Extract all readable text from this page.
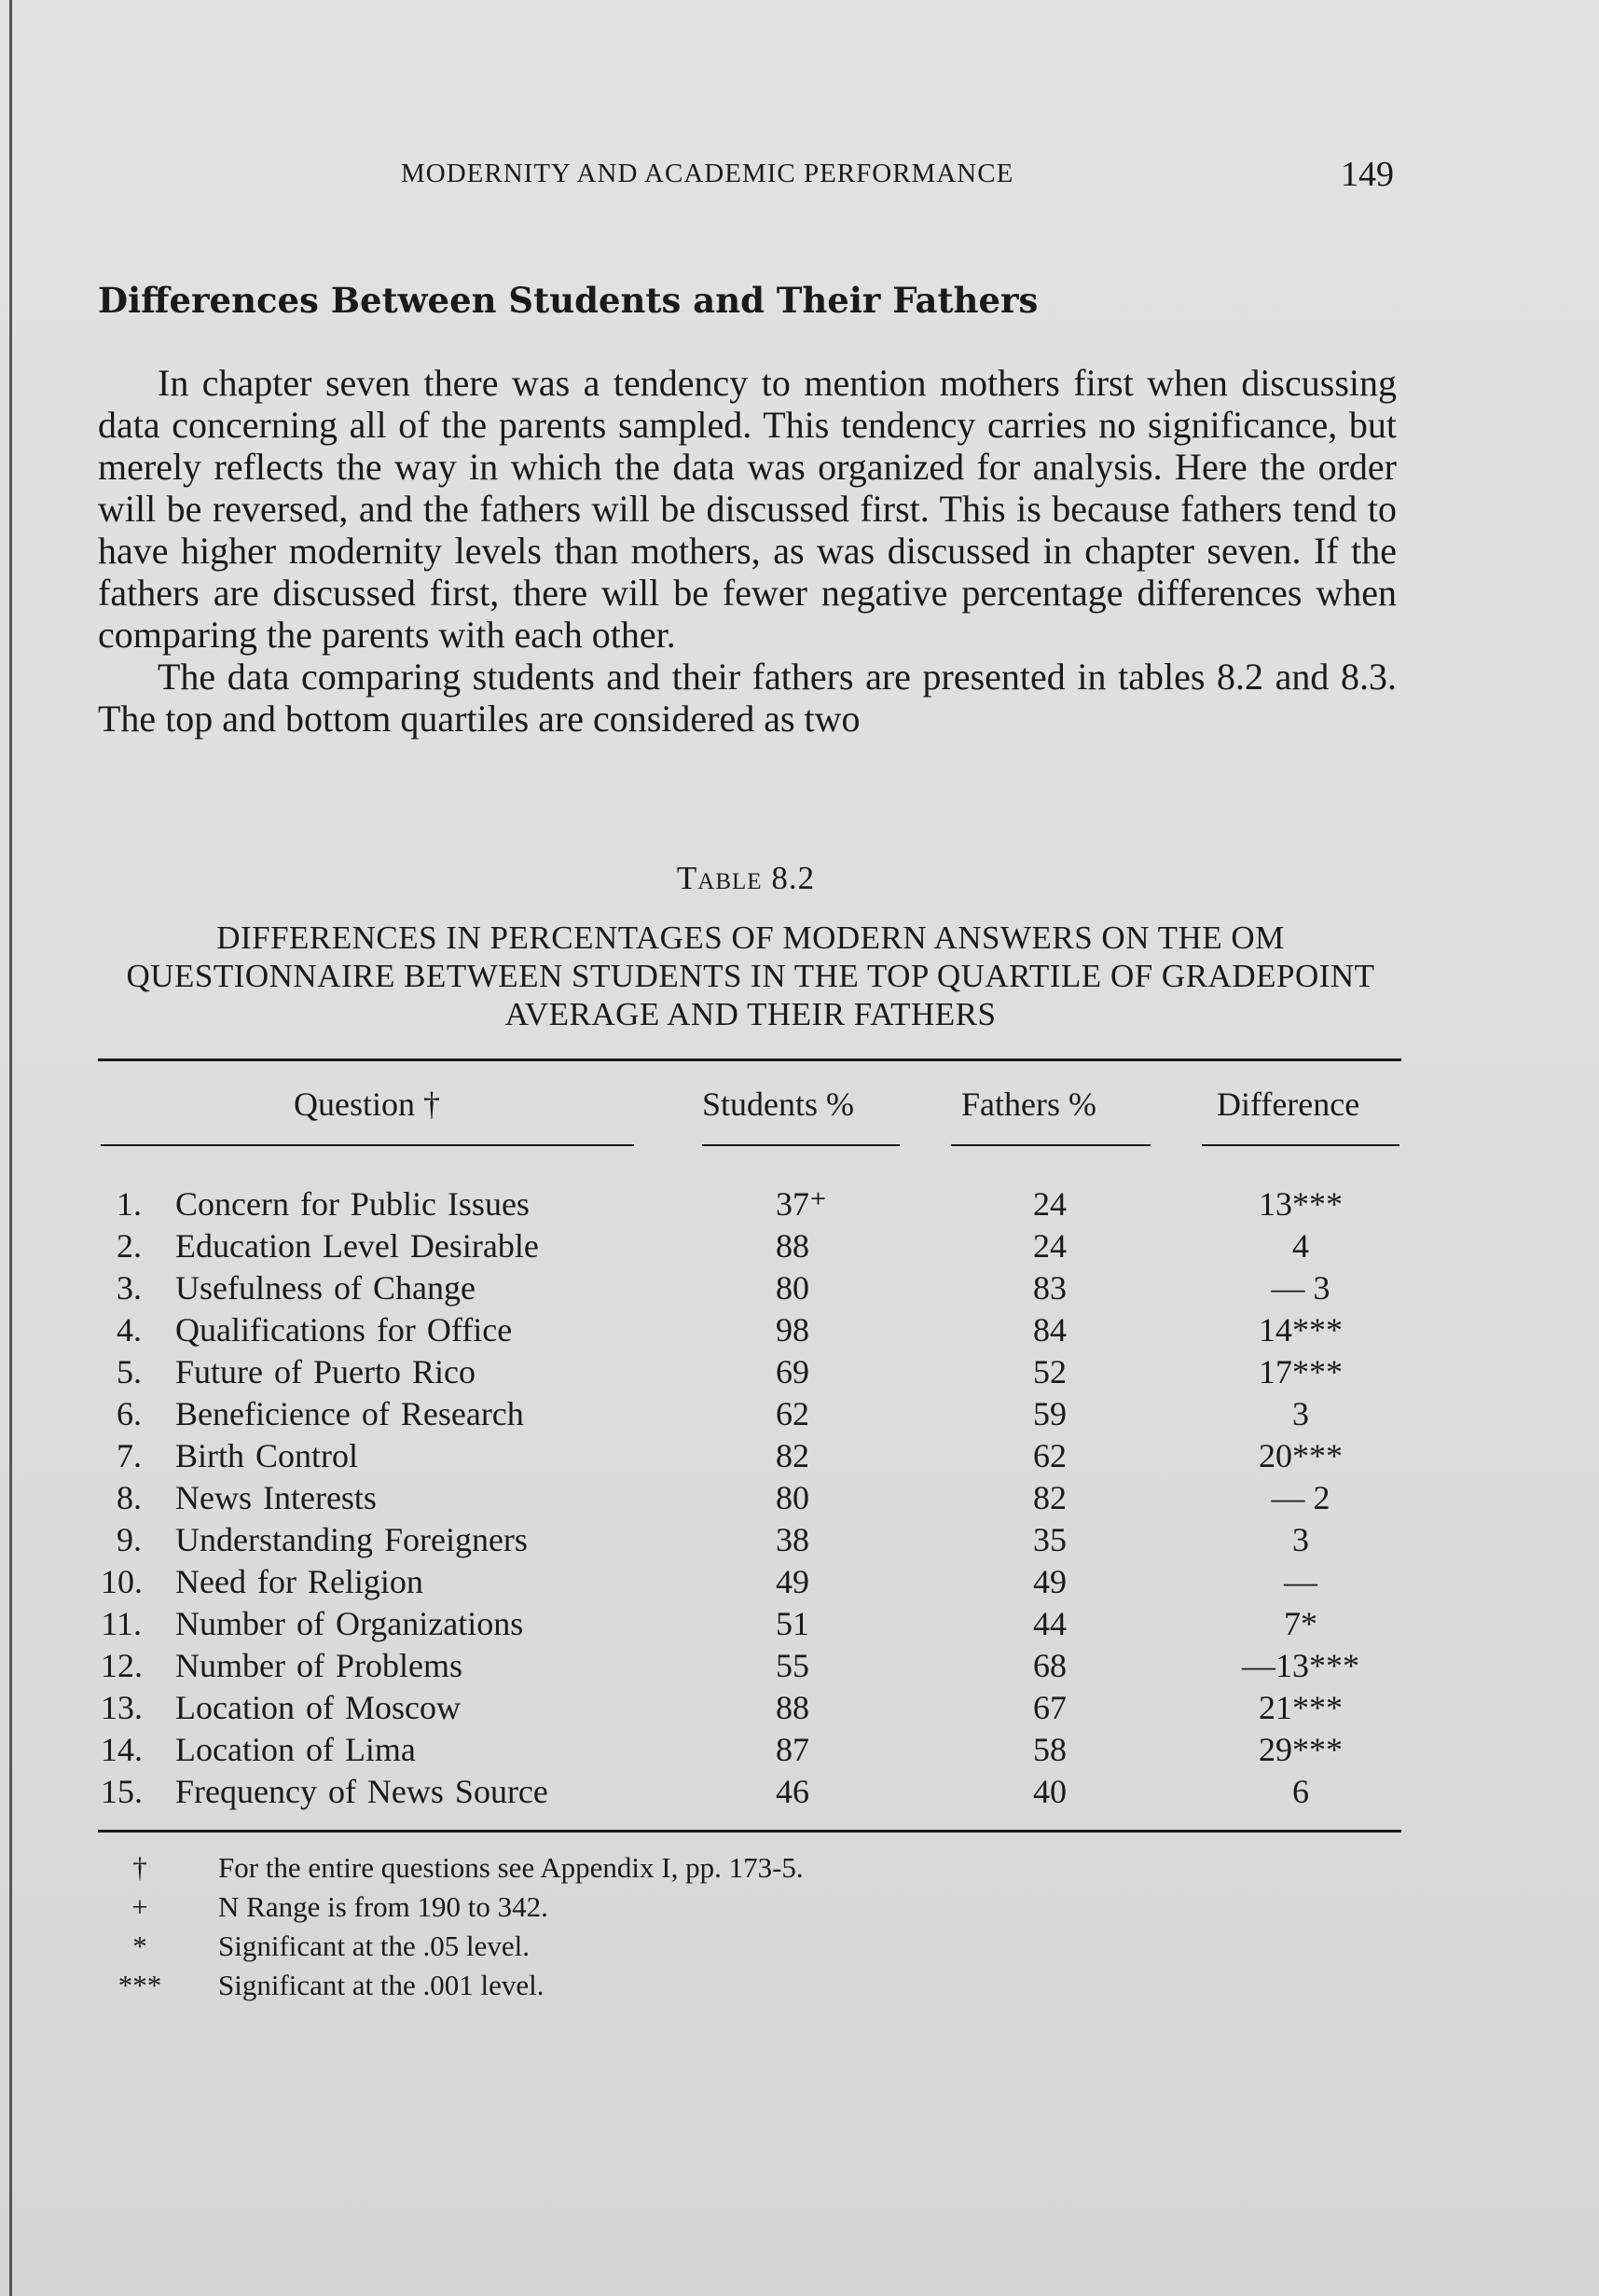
MODERNITY AND ACADEMIC PERFORMANCE	149
Differences Between Students and Their Fathers

In chapter seven there was a tendency to mention mothers first when discussing data concerning all of the parents sampled. This tendency carries no significance, but merely reflects the way in which the data was organized for analysis. Here the order will be reversed, and the fathers will be discussed first. This is because fathers tend to have higher modernity levels than mothers, as was discussed in chapter seven. If the fathers are discussed first, there will be fewer negative percentage differences when comparing the parents with each other.

The data comparing students and their fathers are presented in tables 8.2 and 8.3. The top and bottom quartiles are considered as two

Table 8.2
DIFFERENCES IN PERCENTAGES OF MODERN ANSWERS ON THE OM QUESTIONNAIRE BETWEEN STUDENTS IN THE TOP QUARTILE OF GRADEPOINT AVERAGE AND THEIR FATHERS
Question †	Students %	Fathers %	Difference
1. Concern for Public Issues	37⁺	24	13***
2. Education Level Desirable	88	24	4
3. Usefulness of Change	80	83	— 3
4. Qualifications for Office	98	84	14***
5. Future of Puerto Rico	69	52	17***
6. Beneficience of Research	62	59	3
7. Birth Control	82	62	20***
8. News Interests	80	82	— 2
9. Understanding Foreigners	38	35	3
10. Need for Religion	49	49	—
11. Number of Organizations	51	44	7*
12. Number of Problems	55	68	—13***
13. Location of Moscow	88	67	21***
14. Location of Lima	87	58	29***
15. Frequency of News Source	46	40	6
†	For the entire questions see Appendix I, pp. 173-5.
+	N Range is from 190 to 342.
*	Significant at the .05 level.
***	Significant at the .001 level.
